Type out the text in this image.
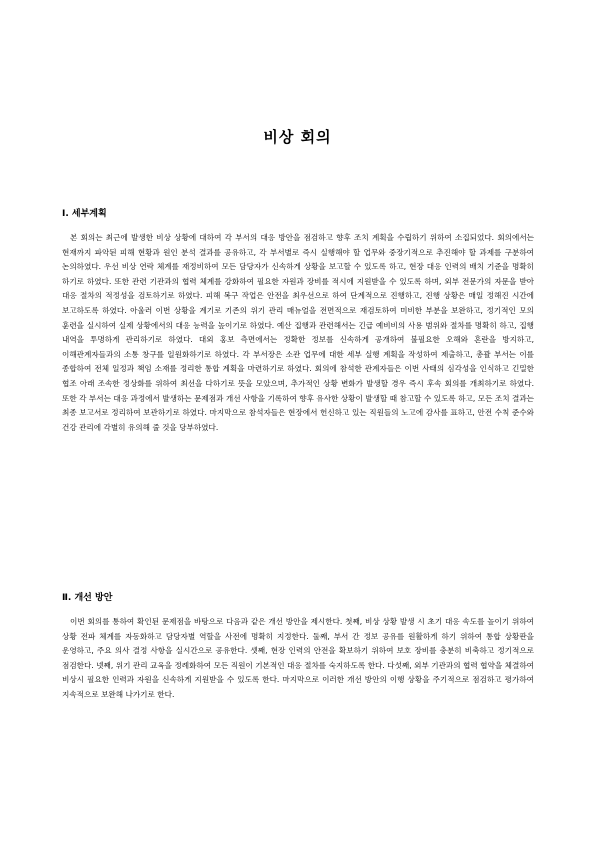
비상 회의
Ⅰ. 세부계획
본 회의는 최근에 발생한 비상 상황에 대하여 각 부서의 대응 방안을 점검하고 향후 조치 계획을 수립하기 위하여 소집되었다. 회의에서는 현재까지 파악된 피해 현황과 원인 분석 결과를 공유하고, 각 부서별로 즉시 실행해야 할 업무와 중장기적으로 추진해야 할 과제를 구분하여 논의하였다. 우선 비상 연락 체계를 재정비하여 모든 담당자가 신속하게 상황을 보고할 수 있도록 하고, 현장 대응 인력의 배치 기준을 명확히 하기로 하였다. 또한 관련 기관과의 협력 체계를 강화하여 필요한 자원과 장비를 적시에 지원받을 수 있도록 하며, 외부 전문가의 자문을 받아 대응 절차의 적정성을 검토하기로 하였다. 피해 복구 작업은 안전을 최우선으로 하여 단계적으로 진행하고, 진행 상황은 매일 정해진 시간에 보고하도록 하였다. 아울러 이번 상황을 계기로 기존의 위기 관리 매뉴얼을 전면적으로 재검토하여 미비한 부분을 보완하고, 정기적인 모의 훈련을 실시하여 실제 상황에서의 대응 능력을 높이기로 하였다. 예산 집행과 관련해서는 긴급 예비비의 사용 범위와 절차를 명확히 하고, 집행 내역을 투명하게 관리하기로 하였다. 대외 홍보 측면에서는 정확한 정보를 신속하게 공개하여 불필요한 오해와 혼란을 방지하고, 이해관계자들과의 소통 창구를 일원화하기로 하였다. 각 부서장은 소관 업무에 대한 세부 실행 계획을 작성하여 제출하고, 총괄 부서는 이를 종합하여 전체 일정과 책임 소재를 정리한 통합 계획을 마련하기로 하였다. 회의에 참석한 관계자들은 이번 사태의 심각성을 인식하고 긴밀한 협조 아래 조속한 정상화를 위하여 최선을 다하기로 뜻을 모았으며, 추가적인 상황 변화가 발생할 경우 즉시 후속 회의를 개최하기로 하였다. 또한 각 부서는 대응 과정에서 발생하는 문제점과 개선 사항을 기록하여 향후 유사한 상황이 발생할 때 참고할 수 있도록 하고, 모든 조치 결과는 최종 보고서로 정리하여 보관하기로 하였다. 마지막으로 참석자들은 현장에서 헌신하고 있는 직원들의 노고에 감사를 표하고, 안전 수칙 준수와 건강 관리에 각별히 유의해 줄 것을 당부하였다.
Ⅱ. 개선 방안
이번 회의를 통하여 확인된 문제점을 바탕으로 다음과 같은 개선 방안을 제시한다. 첫째, 비상 상황 발생 시 초기 대응 속도를 높이기 위하여 상황 전파 체계를 자동화하고 담당자별 역할을 사전에 명확히 지정한다. 둘째, 부서 간 정보 공유를 원활하게 하기 위하여 통합 상황판을 운영하고, 주요 의사 결정 사항을 실시간으로 공유한다. 셋째, 현장 인력의 안전을 확보하기 위하여 보호 장비를 충분히 비축하고 정기적으로 점검한다. 넷째, 위기 관리 교육을 정례화하여 모든 직원이 기본적인 대응 절차를 숙지하도록 한다. 다섯째, 외부 기관과의 협력 협약을 체결하여 비상시 필요한 인력과 자원을 신속하게 지원받을 수 있도록 한다. 마지막으로 이러한 개선 방안의 이행 상황을 주기적으로 점검하고 평가하여 지속적으로 보완해 나가기로 한다.
